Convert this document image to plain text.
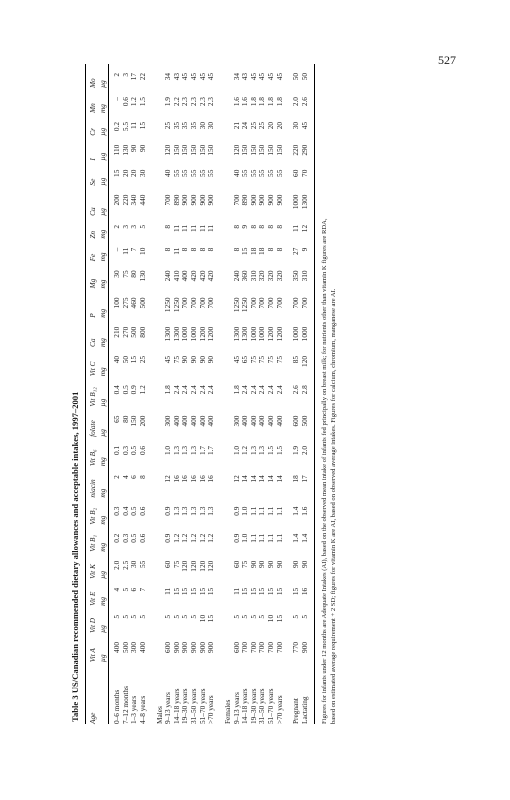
527
Table 3 US/Canadian recommended dietary allowances and acceptable intakes, 1997–2001 Age	Vit A	Vit D	Vit E	Vit K	Vit B₁	Vit B₂	niacin	Vit B₆	folate	Vit B₁₂	Vit C	Ca	P	Mg	Fe	Zn	Cu	Se	I	Cr	Mn	Mo
	µg	µg	mg	µg	mg	mg	mg	mg	µg	µg	mg	mg	mg	mg	mg	mg	µg	µg	µg	µg	mg	µg

0–6 months	400	5	4	2.0	0.2	0.3	2	0.1	65	0.4	40	210	100	30	–	2	200	15	110	0.2	–	2
7–12 months	500	5	5	2.5	0.3	0.4	4	0.3	80	0.5	50	270	275	75	11	3	220	20	130	5.5	0.6	3
1–3 years	300	5	6	30	0.5	0.5	6	0.5	150	0.9	15	500	460	80	7	3	340	20	90	11	1.2	17
4–8 years	400	5	7	55	0.6	0.6	8	0.6	200	1.2	25	800	500	130	10	5	440	30	90	15	1.5	22

Males																						
9–13 years	600	5	11	60	0.9	0.9	12	1.0	300	1.8	45	1300	1250	240	8	8	700	40	120	25	1.9	34
14–18 years	900	5	15	75	1.2	1.3	16	1.3	400	2.4	75	1300	1250	410	11	11	890	55	150	35	2.2	43
19–30 years	900	5	15	120	1.2	1.3	16	1.3	400	2.4	90	1000	700	400	8	11	900	55	150	35	2.3	45
31–50 years	900	5	15	120	1.2	1.3	16	1.3	400	2.4	90	1000	700	420	8	11	900	55	150	35	2.3	45
51–70 years	900	10	15	120	1.2	1.3	16	1.7	400	2.4	90	1200	700	420	8	11	900	55	150	30	2.3	45
>70 years	900	15	15	120	1.2	1.3	16	1.7	400	2.4	90	1200	700	420	8	11	900	55	150	30	2.3	45

Females																						
9–13 years	600	5	11	60	0.9	0.9	12	1.0	300	1.8	45	1300	1250	240	8	8	700	40	120	21	1.6	34
14–18 years	700	5	15	75	1.0	1.0	14	1.2	400	2.4	65	1300	1250	360	15	9	890	55	150	24	1.6	43
19–30 years	700	5	15	90	1.1	1.1	14	1.3	400	2.4	75	1000	700	310	18	8	900	55	150	25	1.8	45
31–50 years	700	5	15	90	1.1	1.1	14	1.3	400	2.4	75	1000	700	320	18	8	900	55	150	25	1.8	45
51–70 years	700	10	15	90	1.1	1.1	14	1.5	400	2.4	75	1200	700	320	8	8	900	55	150	20	1.8	45
>70 years	700	15	15	90	1.1	1.1	14	1.5	400	2.4	75	1200	700	320	8	8	900	55	150	20	1.8	45

Pregnant	770	5	15	90	1.4	1.4	18	1.9	600	2.6	85	1000	700	350	27	11	1000	60	220	30	2.0	50
Lactating	900	5	16	90	1.4	1.6	17	2.0	500	2.8	120	1000	700	310	9	12	1300	70	290	45	2.6	50
Figures for infants under 12 months are Adequate Intakes (AI), based on the observed mean intake of infants fed principally on breast milk; for nutrients other than vitamin K figures are RDA, based on estimated average requirement + 2 SD; figures for vitamin K are AI, based on observed average intakes. Figures for calcium, chromium, manganese are AI.
